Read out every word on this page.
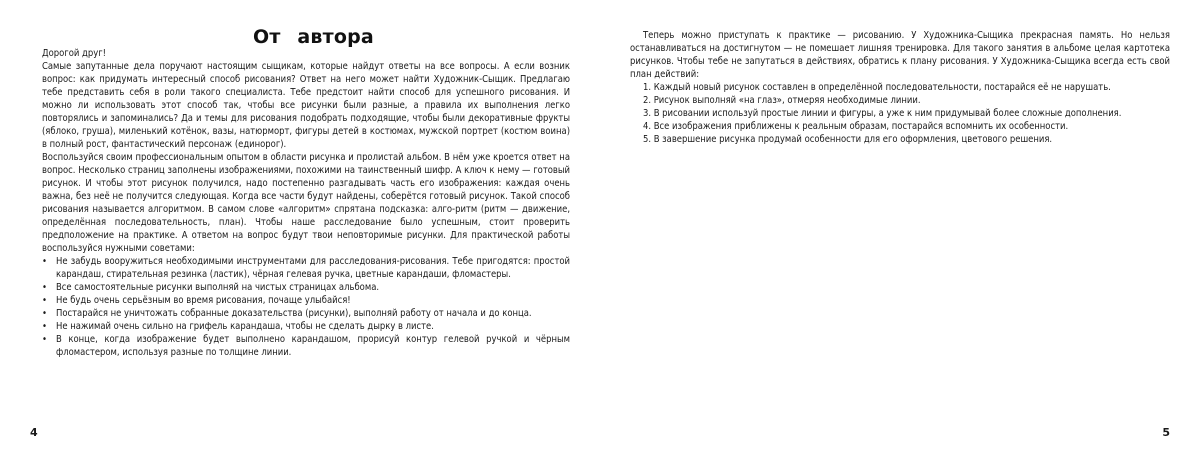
От автора

Дорогой друг!

Самые запутанные дела поручают настоящим сыщикам, которые найдут ответы на все вопросы. А если возник вопрос: как придумать интересный способ рисования? Ответ на него может найти Художник-Сыщик. Предлагаю тебе представить себя в роли такого специалиста. Тебе предстоит найти способ для успешного рисования. И можно ли использовать этот способ так, чтобы все рисунки были разные, а правила их выполнения легко повторялись и запоминались? Да и темы для рисования подобрать подходящие, чтобы были декоративные фрукты (яблоко, груша), миленький котёнок, вазы, натюрморт, фигуры детей в костюмах, мужской портрет (костюм воина) в полный рост, фантастический персонаж (единорог).

Воспользуйся своим профессиональным опытом в области рисунка и пролистай альбом. В нём уже кроется ответ на вопрос. Несколько страниц заполнены изображениями, похожими на таинственный шифр. А ключ к нему — готовый рисунок. И чтобы этот рисунок получился, надо постепенно разгадывать часть его изображения: каждая очень важна, без неё не получится следующая. Когда все части будут найдены, соберётся готовый рисунок. Такой способ рисования называется алгоритмом. В самом слове «алгоритм» спрятана подсказка: алго-ритм (ритм — движение, определённая последовательность, план). Чтобы наше расследование было успешным, стоит проверить предположение на практике. А ответом на вопрос будут твои неповторимые рисунки. Для практической работы воспользуйся нужными советами:

• Не забудь вооружиться необходимыми инструментами для расследования-рисования. Тебе пригодятся: простой карандаш, стирательная резинка (ластик), чёрная гелевая ручка, цветные карандаши, фломастеры.
• Все самостоятельные рисунки выполняй на чистых страницах альбома.
• Не будь очень серьёзным во время рисования, почаще улыбайся!
• Постарайся не уничтожать собранные доказательства (рисунки), выполняй работу от начала и до конца.
• Не нажимай очень сильно на грифель карандаша, чтобы не сделать дырку в листе.
• В конце, когда изображение будет выполнено карандашом, прорисуй контур гелевой ручкой и чёрным фломастером, используя разные по толщине линии.
4

Теперь можно приступать к практике — рисованию. У Художника-Сыщика прекрасная память. Но нельзя останавливаться на достигнутом — не помешает лишняя тренировка. Для такого занятия в альбоме целая картотека рисунков. Чтобы тебе не запутаться в действиях, обратись к плану рисования. У Художника-Сыщика всегда есть свой план действий:

1. Каждый новый рисунок составлен в определённой последовательности, постарайся её не нарушать.
2. Рисунок выполняй «на глаз», отмеряя необходимые линии.
3. В рисовании используй простые линии и фигуры, а уже к ним придумывай более сложные дополнения.
4. Все изображения приближены к реальным образам, постарайся вспомнить их особенности.
5. В завершение рисунка продумай особенности для его оформления, цветового решения.
5
